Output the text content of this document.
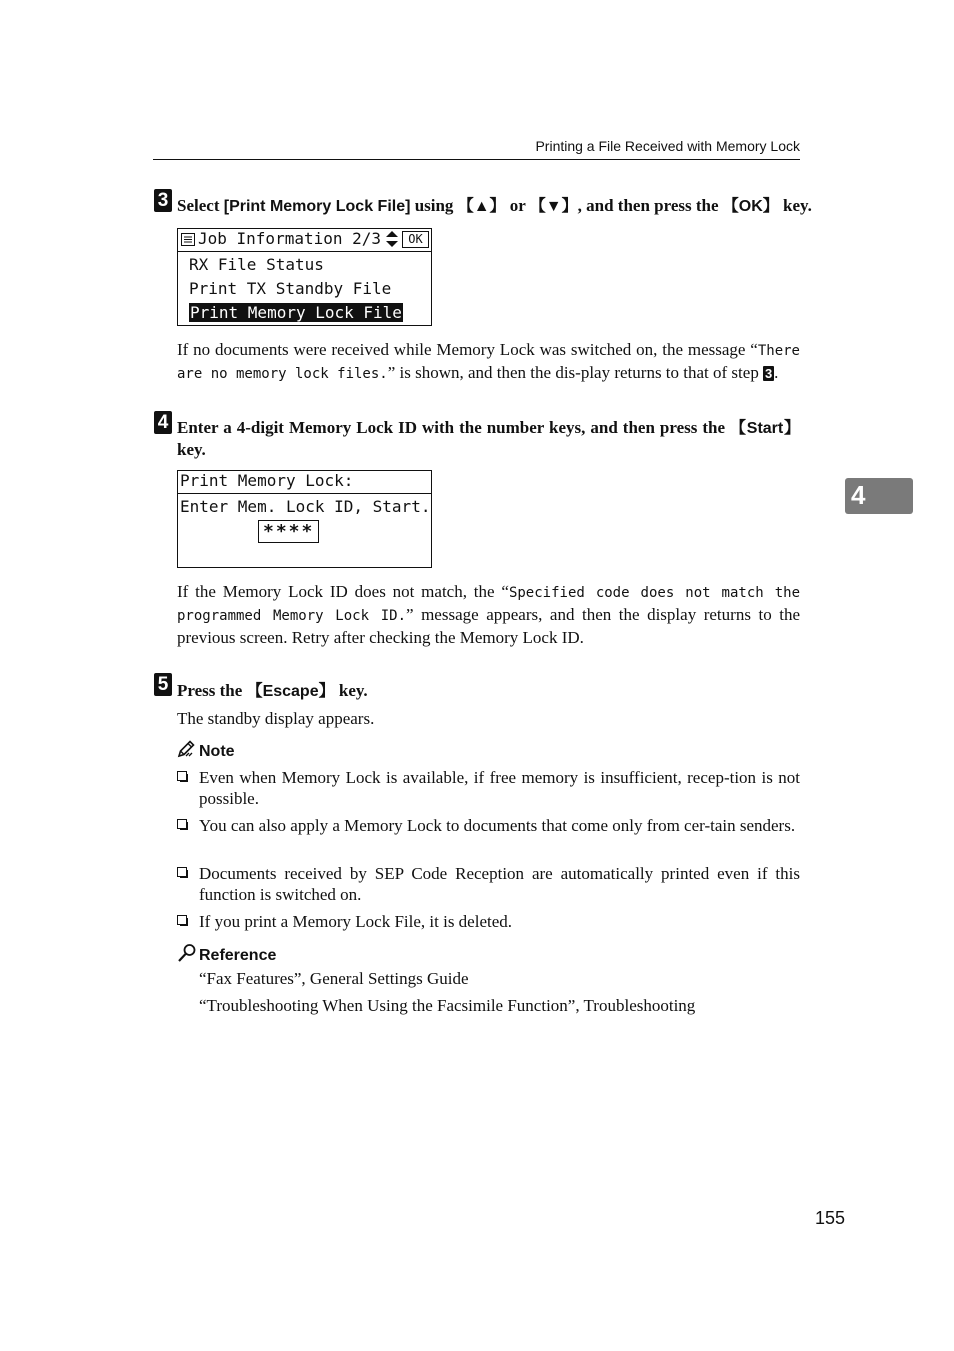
Printing a File Received with Memory Lock
4
3 Select [Print Memory Lock File] using 【▲】 or 【▼】, and then press the 【OK】 key.
Job Information 2/3	OK
RX File Status
Print TX Standby File
Print Memory Lock File
If no documents were received while Memory Lock was switched on, the message “There are no memory lock files.” is shown, and then the dis-play returns to that of step 3 .
4 Enter a 4-digit Memory Lock ID with the number keys, and then press the 【Start】 key.
Print Memory Lock:
Enter Mem. Lock ID, Start.
****
If the Memory Lock ID does not match, the “Specified code does not match the programmed Memory Lock ID.” message appears, and then the display returns to the previous screen. Retry after checking the Memory Lock ID.
5 Press the 【Escape】 key.
The standby display appears.
Note
Even when Memory Lock is available, if free memory is insufficient, recep-tion is not possible.
You can also apply a Memory Lock to documents that come only from cer-tain senders.
Documents received by SEP Code Reception are automatically printed even if this function is switched on.
If you print a Memory Lock File, it is deleted.
Reference
“Fax Features”, General Settings Guide
“Troubleshooting When Using the Facsimile Function”, Troubleshooting
155
